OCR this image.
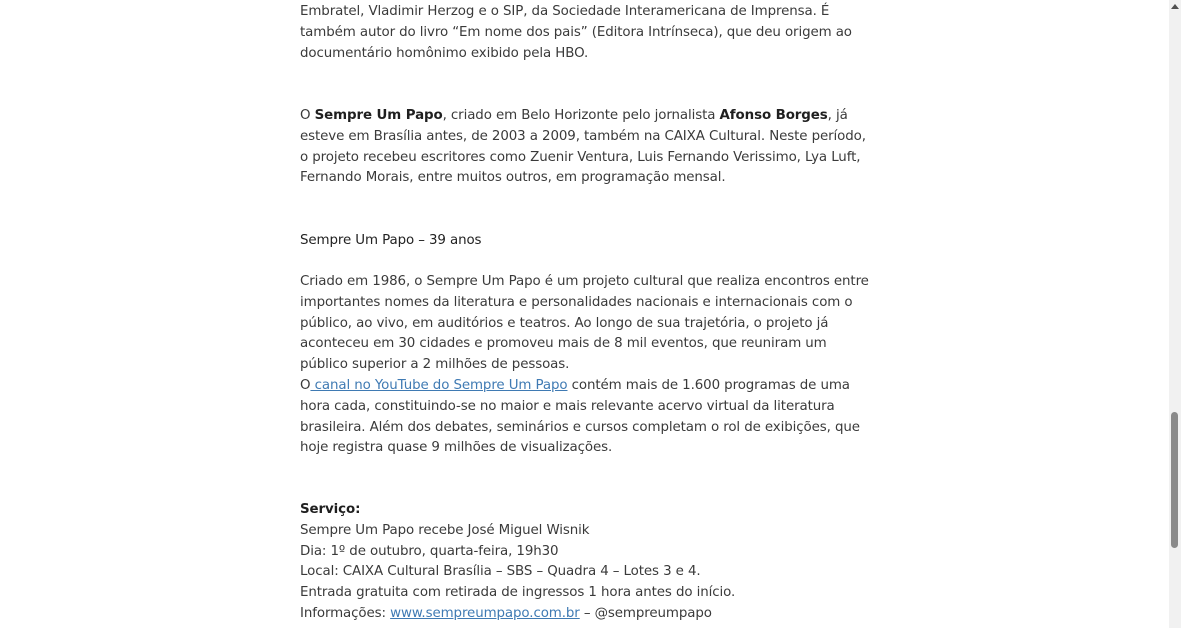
Embratel, Vladimir Herzog e o SIP, da Sociedade Interamericana de Imprensa. É também autor do livro “Em nome dos pais” (Editora Intrínseca), que deu origem ao documentário homônimo exibido pela HBO.

O Sempre Um Papo, criado em Belo Horizonte pelo jornalista Afonso Borges, já esteve em Brasília antes, de 2003 a 2009, também na CAIXA Cultural. Neste período, o projeto recebeu escritores como Zuenir Ventura, Luis Fernando Verissimo, Lya Luft, Fernando Morais, entre muitos outros, em programação mensal.

Sempre Um Papo – 39 anos

Criado em 1986, o Sempre Um Papo é um projeto cultural que realiza encontros entre importantes nomes da literatura e personalidades nacionais e internacionais com o público, ao vivo, em auditórios e teatros. Ao longo de sua trajetória, o projeto já aconteceu em 30 cidades e promoveu mais de 8 mil eventos, que reuniram um público superior a 2 milhões de pessoas.

O canal no YouTube do Sempre Um Papo contém mais de 1.600 programas de uma hora cada, constituindo-se no maior e mais relevante acervo virtual da literatura brasileira. Além dos debates, seminários e cursos completam o rol de exibições, que hoje registra quase 9 milhões de visualizações.

Serviço:
Sempre Um Papo recebe José Miguel Wisnik
Dia: 1º de outubro, quarta-feira, 19h30
Local: CAIXA Cultural Brasília – SBS – Quadra 4 – Lotes 3 e 4.
Entrada gratuita com retirada de ingressos 1 hora antes do início.
Informações: www.sempreumpapo.com.br – @sempreumpapo
